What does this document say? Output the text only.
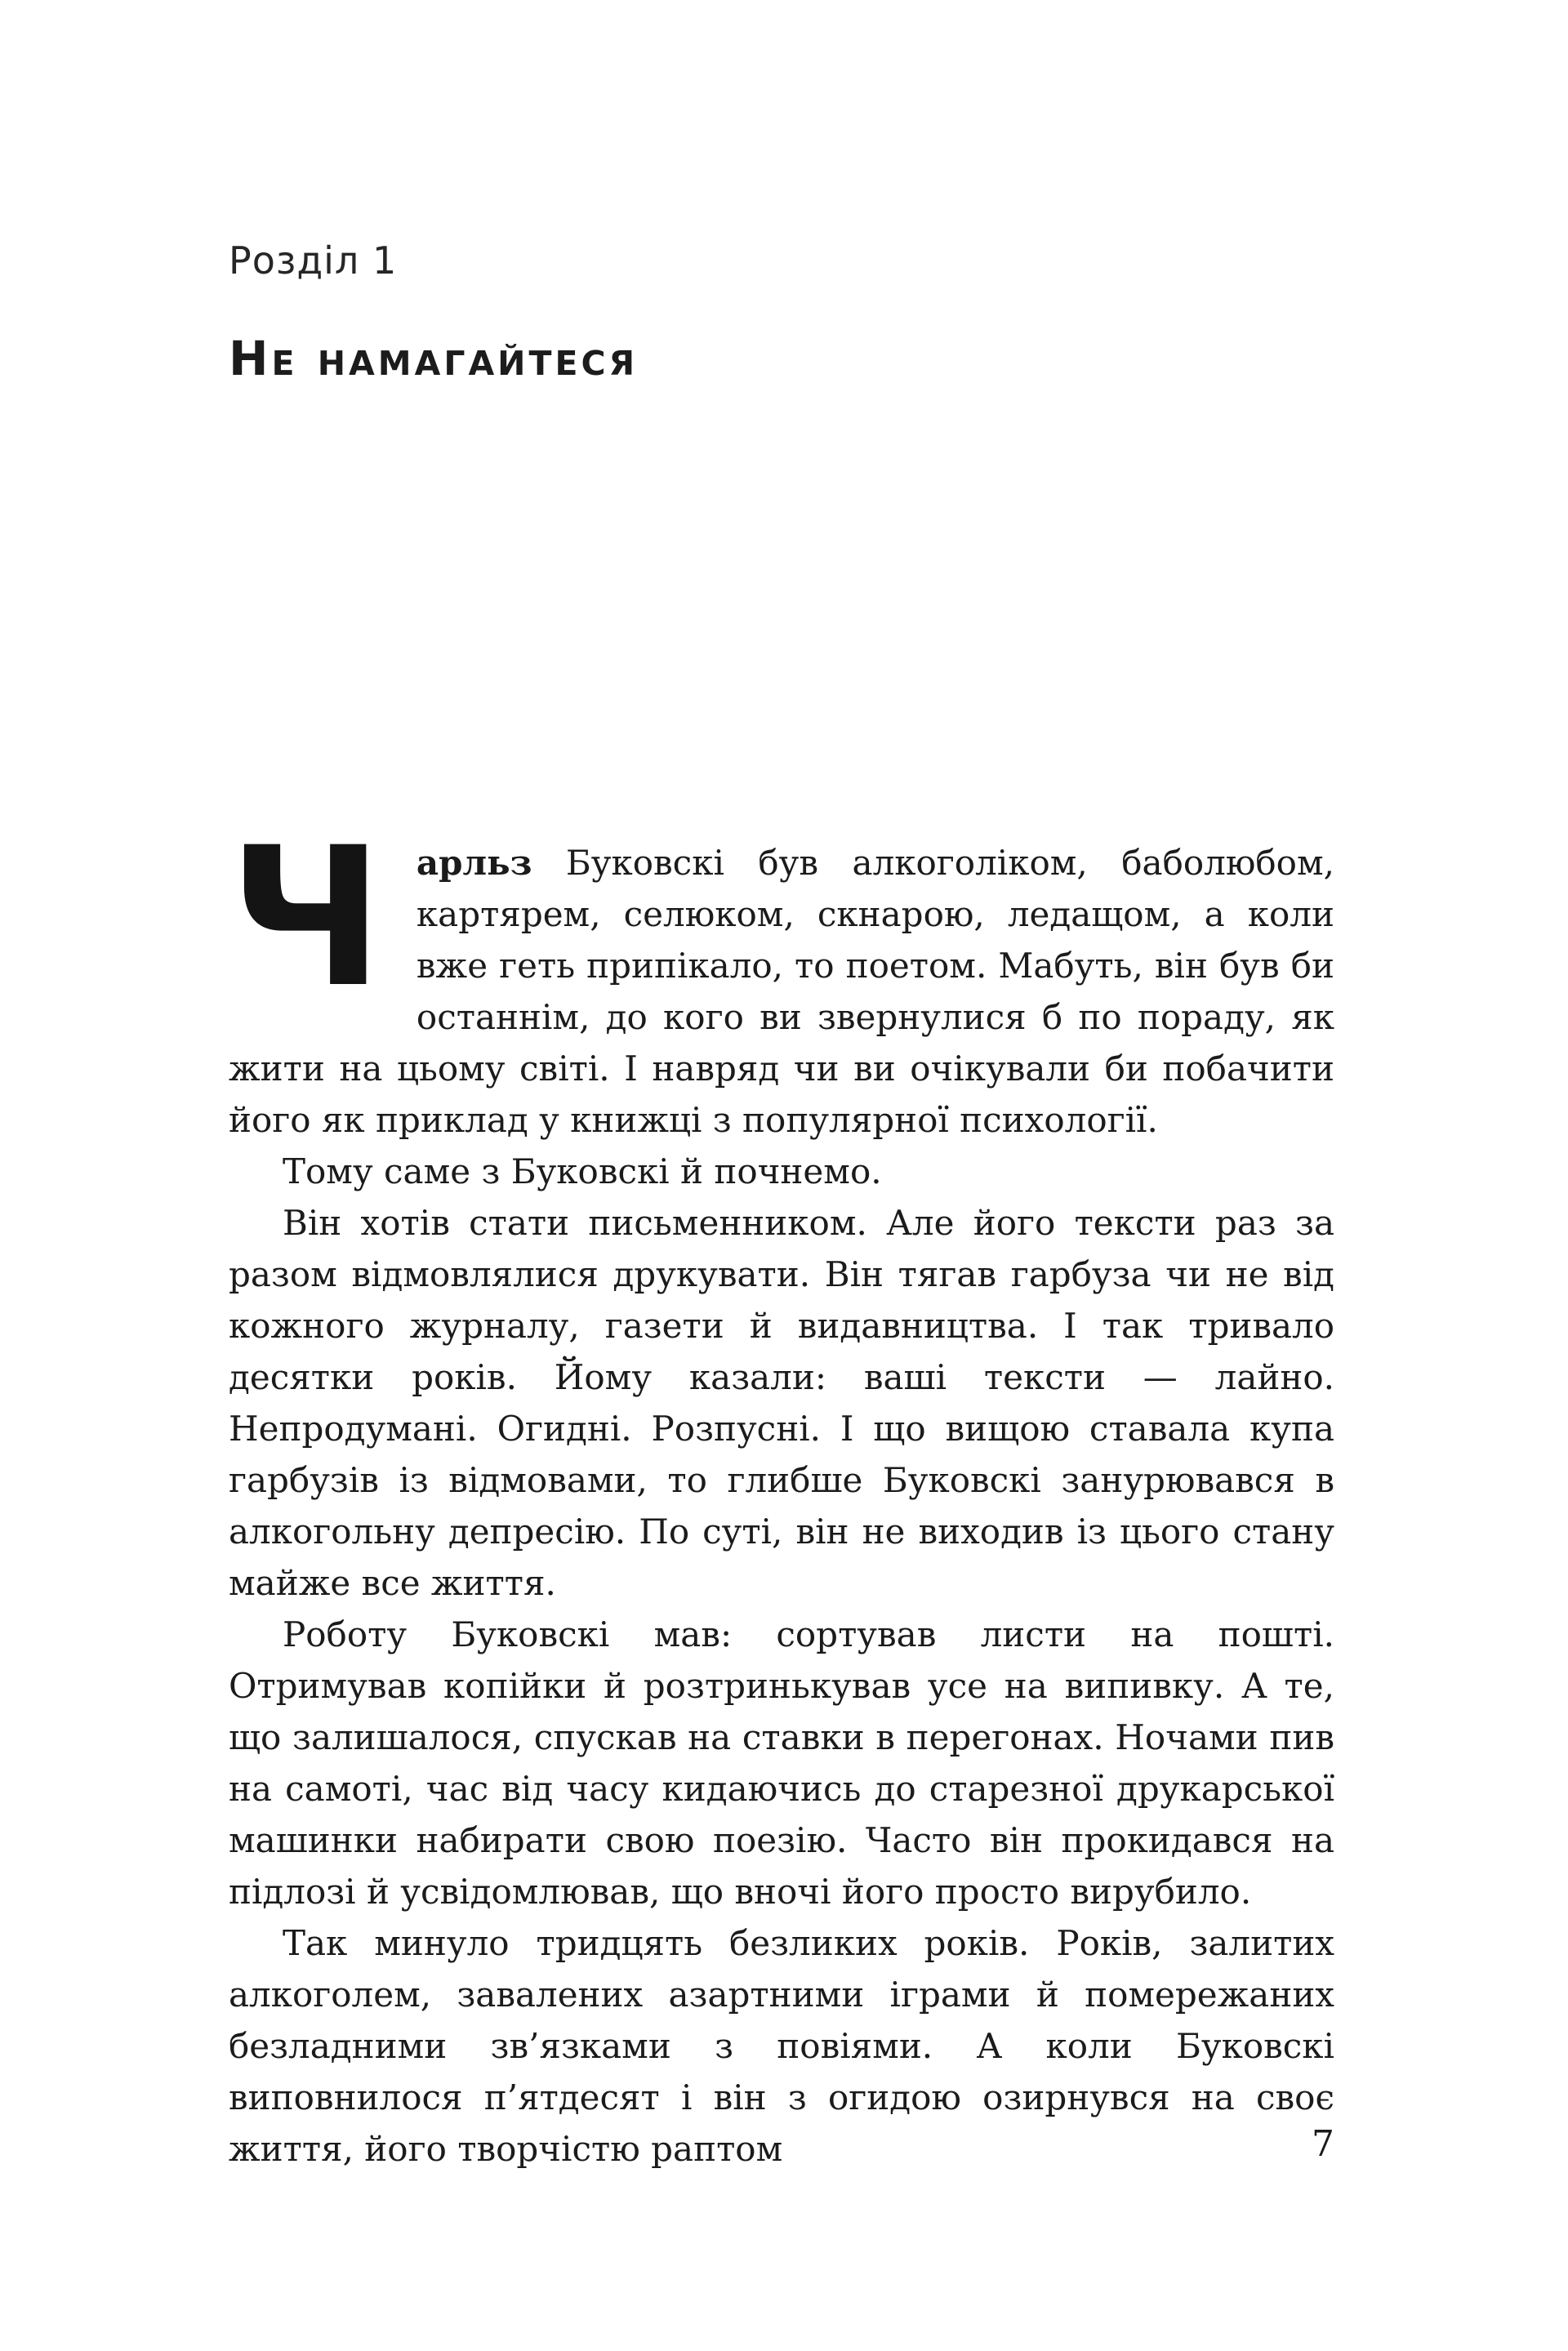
Розділ 1
Не намагайтеся

Ч арльз Буковскі був алкоголіком, баболюбом, картярем, селюком, скнарою, ледащом, а коли вже геть припікало, то поетом. Мабуть, він був би останнім, до кого ви звернулися б по пораду, як жити на цьому світі. І навряд чи ви очікували би побачити його як приклад у книжці з популярної психології.

Тому саме з Буковскі й почнемо.

Він хотів стати письменником. Але його тексти раз за разом відмовлялися друкувати. Він тягав гарбуза чи не від кожного журналу, газети й видавництва. І так тривало десятки років. Йому казали: ваші тексти — лайно. Непродумані. Огидні. Розпусні. І що вищою ставала купа гарбузів із відмовами, то глибше Буковскі занурювався в алкогольну депресію. По суті, він не виходив із цього стану майже все життя.

Роботу Буковскі мав: сортував листи на пошті. Отримував копійки й розтринькував усе на випивку. А те, що залишалося, спускав на ставки в перегонах. Ночами пив на самоті, час від часу кидаючись до старезної друкарської машинки набирати свою поезію. Часто він прокидався на підлозі й усвідомлював, що вночі його просто вирубило.

Так минуло тридцять безликих років. Років, залитих алкоголем, завалених азартними іграми й помережаних безладними зв’язками з повіями. А коли Буковскі виповнилося п’ятдесят і він з огидою озирнувся на своє життя, його творчістю раптом	7
